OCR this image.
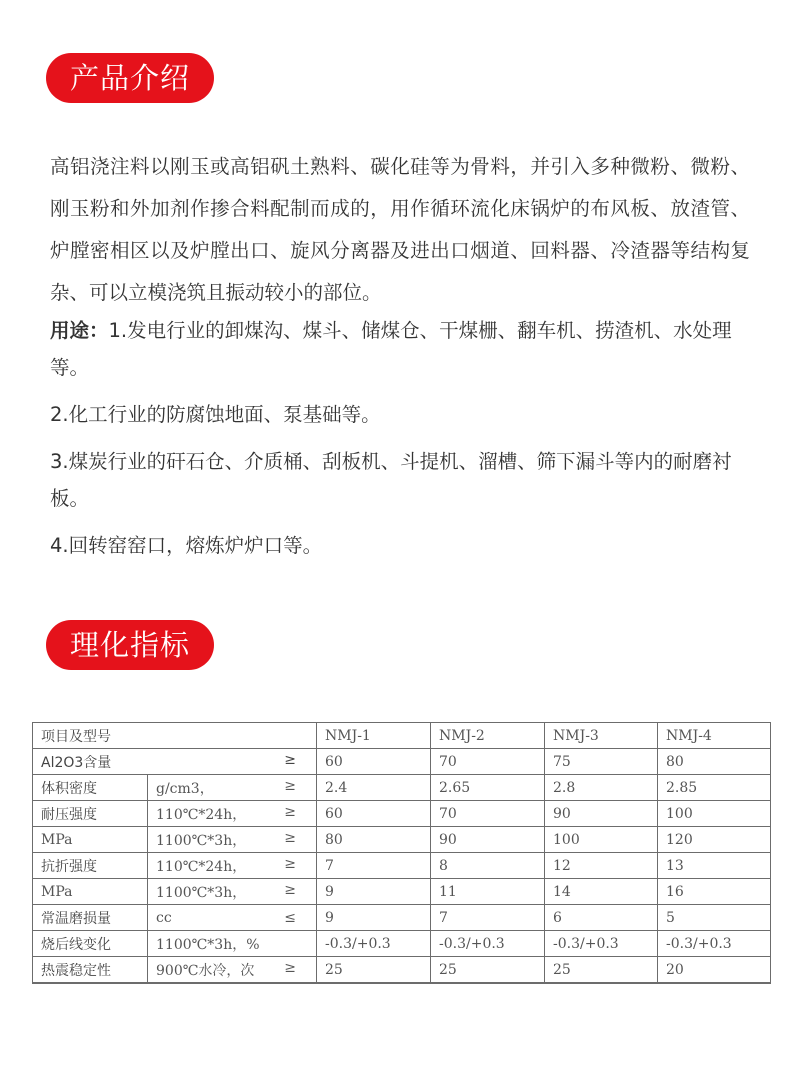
产品介绍

高铝浇注料以刚玉或高铝矾土熟料、碳化硅等为骨料，并引入多种微粉、微粉、刚玉粉和外加剂作掺合料配制而成的，用作循环流化床锅炉的布风板、放渣管、炉膛密相区以及炉膛出口、旋风分离器及进出口烟道、回料器、冷渣器等结构复杂、可以立模浇筑且振动较小的部位。

用途：1.发电行业的卸煤沟、煤斗、储煤仓、干煤栅、翻车机、捞渣机、水处理等。

2.化工行业的防腐蚀地面、泵基础等。

3.煤炭行业的矸石仓、介质桶、刮板机、斗提机、溜槽、筛下漏斗等内的耐磨衬板。

4.回转窑窑口，熔炼炉炉口等。

理化指标
项目及型号		NMJ-1	NMJ-2	NMJ-3	NMJ-4

Al2O3含量 ≥		60	70	75	80
体积密度	g/cm3， ≥	2.4	2.65	2.8	2.85
耐压强度	110℃*24h， ≥	60	70	90	100
MPa	1100℃*3h， ≥	80	90	100	120
抗折强度	110℃*24h， ≥	7	8	12	13
MPa	1100℃*3h， ≥	9	11	14	16
常温磨损量	cc ≤	9	7	6	5
烧后线变化	1100℃*3h，%	-0.3/+0.3	-0.3/+0.3	-0.3/+0.3	-0.3/+0.3
热震稳定性	900℃水冷，次 ≥	25	25	25	20
